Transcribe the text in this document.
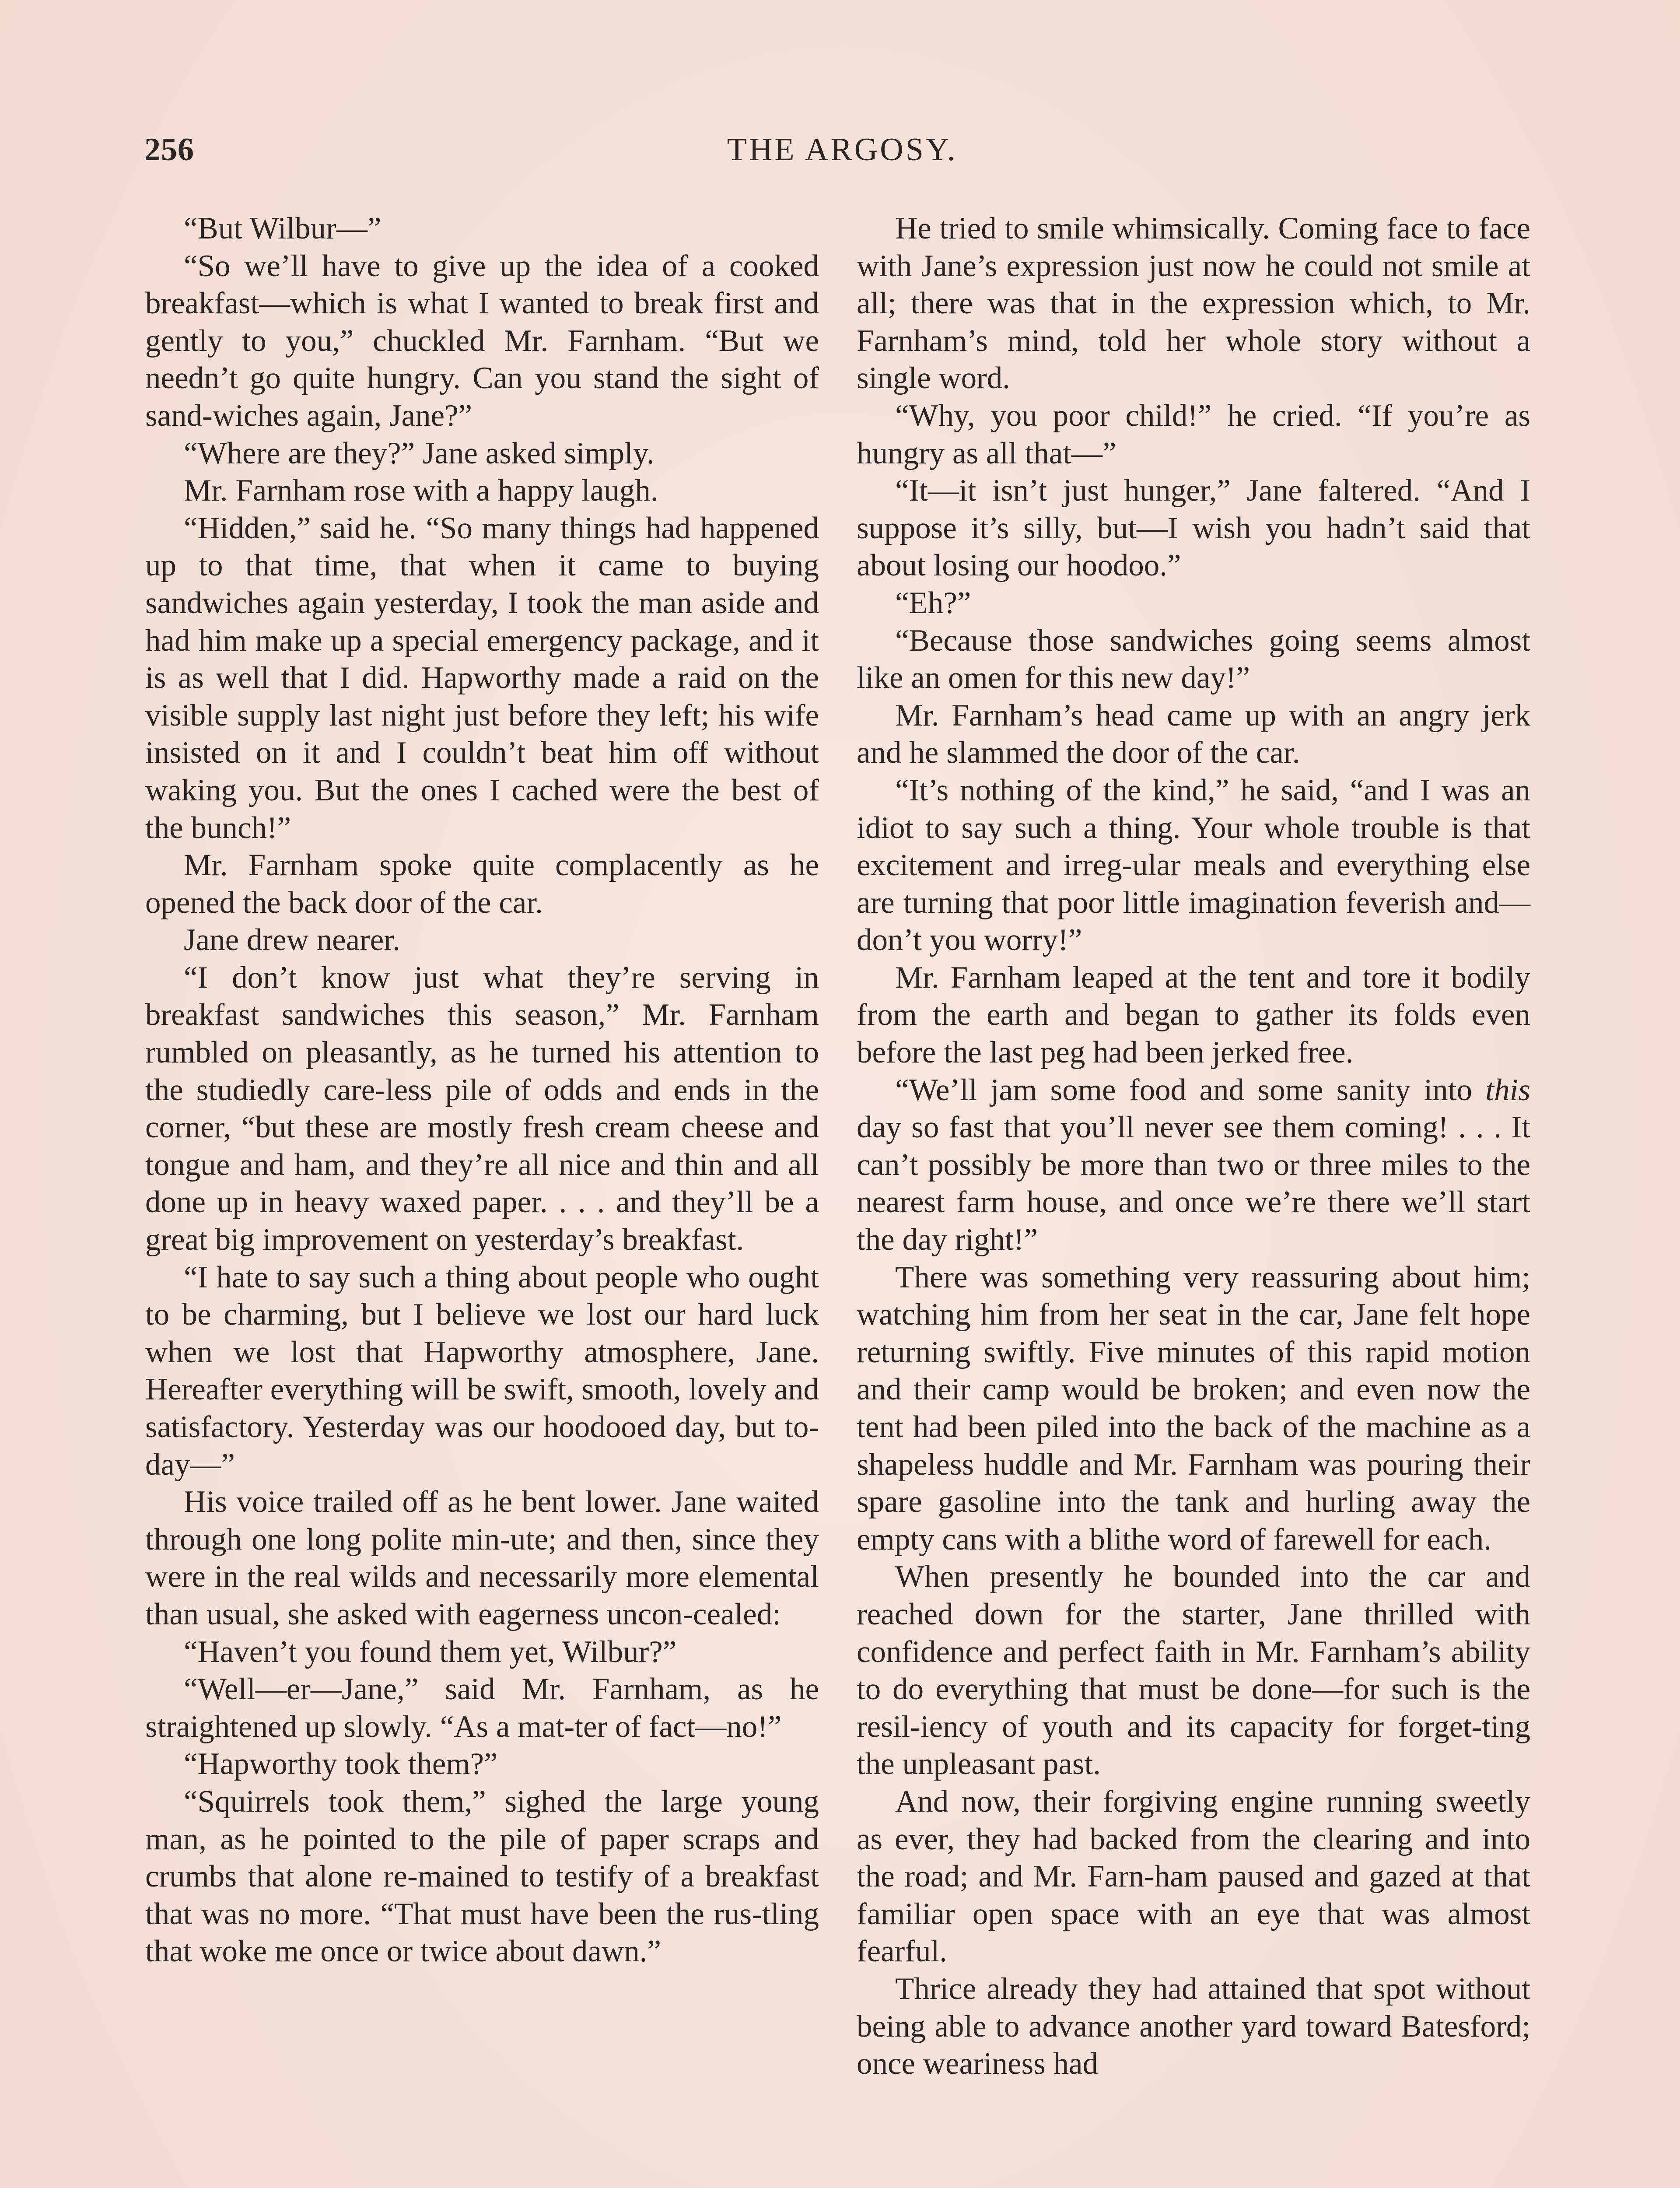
256	THE ARGOSY.

“But Wilbur—”

“So we’ll have to give up the idea of a cooked breakfast—which is what I wanted to break first and gently to you,” chuckled Mr. Farnham. “But we needn’t go quite hungry. Can you stand the sight of sand-wiches again, Jane?”

“Where are they?” Jane asked simply.

Mr. Farnham rose with a happy laugh.

“Hidden,” said he. “So many things had happened up to that time, that when it came to buying sandwiches again yesterday, I took the man aside and had him make up a special emergency package, and it is as well that I did. Hapworthy made a raid on the visible supply last night just before they left; his wife insisted on it and I couldn’t beat him off without waking you. But the ones I cached were the best of the bunch!”

Mr. Farnham spoke quite complacently as he opened the back door of the car.

Jane drew nearer.

“I don’t know just what they’re serving in breakfast sandwiches this season,” Mr. Farnham rumbled on pleasantly, as he turned his attention to the studiedly care-less pile of odds and ends in the corner, “but these are mostly fresh cream cheese and tongue and ham, and they’re all nice and thin and all done up in heavy waxed paper. . . . and they’ll be a great big improvement on yesterday’s breakfast.

“I hate to say such a thing about people who ought to be charming, but I believe we lost our hard luck when we lost that Hapworthy atmosphere, Jane. Hereafter everything will be swift, smooth, lovely and satisfactory. Yesterday was our hoodooed day, but to-day—”

His voice trailed off as he bent lower. Jane waited through one long polite min-ute; and then, since they were in the real wilds and necessarily more elemental than usual, she asked with eagerness uncon-cealed:

“Haven’t you found them yet, Wilbur?”

“Well—er—Jane,” said Mr. Farnham, as he straightened up slowly. “As a mat-ter of fact—no!”

“Hapworthy took them?”

“Squirrels took them,” sighed the large young man, as he pointed to the pile of paper scraps and crumbs that alone re-mained to testify of a breakfast that was no more. “That must have been the rus-tling that woke me once or twice about dawn.”

He tried to smile whimsically. Coming face to face with Jane’s expression just now he could not smile at all; there was that in the expression which, to Mr. Farnham’s mind, told her whole story without a single word.

“Why, you poor child!” he cried. “If you’re as hungry as all that—”

“It—it isn’t just hunger,” Jane faltered. “And I suppose it’s silly, but—I wish you hadn’t said that about losing our hoodoo.”

“Eh?”

“Because those sandwiches going seems almost like an omen for this new day!”

Mr. Farnham’s head came up with an angry jerk and he slammed the door of the car.

“It’s nothing of the kind,” he said, “and I was an idiot to say such a thing. Your whole trouble is that excitement and irreg-ular meals and everything else are turning that poor little imagination feverish and—don’t you worry!”

Mr. Farnham leaped at the tent and tore it bodily from the earth and began to gather its folds even before the last peg had been jerked free.

“We’ll jam some food and some sanity into this day so fast that you’ll never see them coming! . . . It can’t possibly be more than two or three miles to the nearest farm house, and once we’re there we’ll start the day right!”

There was something very reassuring about him; watching him from her seat in the car, Jane felt hope returning swiftly. Five minutes of this rapid motion and their camp would be broken; and even now the tent had been piled into the back of the machine as a shapeless huddle and Mr. Farnham was pouring their spare gasoline into the tank and hurling away the empty cans with a blithe word of farewell for each.

When presently he bounded into the car and reached down for the starter, Jane thrilled with confidence and perfect faith in Mr. Farnham’s ability to do everything that must be done—for such is the resil-iency of youth and its capacity for forget-ting the unpleasant past.

And now, their forgiving engine running sweetly as ever, they had backed from the clearing and into the road; and Mr. Farn-ham paused and gazed at that familiar open space with an eye that was almost fearful.

Thrice already they had attained that spot without being able to advance another yard toward Batesford; once weariness had
